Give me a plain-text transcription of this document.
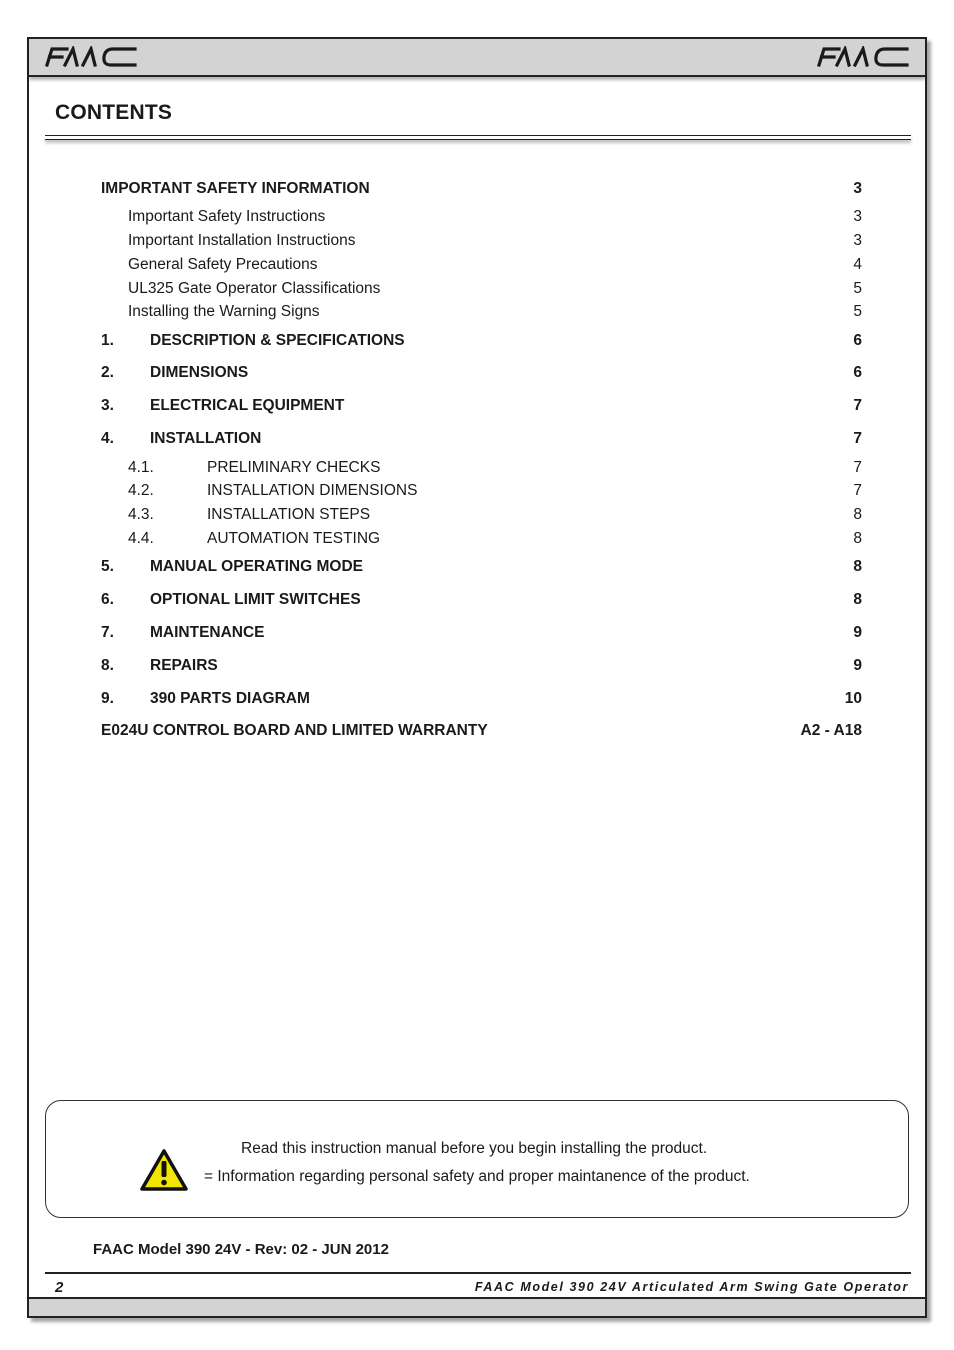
CONTENTS
IMPORTANT SAFETY INFORMATION	3
Important Safety Instructions	3
Important Installation Instructions	3
General Safety Precautions	4
UL325 Gate Operator Classifications	5
Installing the Warning Signs	5
1. DESCRIPTION & SPECIFICATIONS	6
2. DIMENSIONS	6
3. ELECTRICAL EQUIPMENT	7
4. INSTALLATION	7
4.1.	PRELIMINARY CHECKS	7
4.2.	INSTALLATION DIMENSIONS	7
4.3.	INSTALLATION STEPS	8
4.4.	AUTOMATION TESTING	8
5. MANUAL OPERATING MODE	8
6. OPTIONAL LIMIT SWITCHES	8
7. MAINTENANCE	9
8. REPAIRS	9
9. 390 PARTS DIAGRAM	10
E024U CONTROL BOARD AND LIMITED WARRANTY	A2 - A18
Read this instruction manual before you begin installing the product.
= Information regarding personal safety and proper maintanence of the product.
FAAC Model 390 24V - Rev: 02 - JUN 2012
2	FAAC Model 390 24V Articulated Arm Swing Gate Operator
